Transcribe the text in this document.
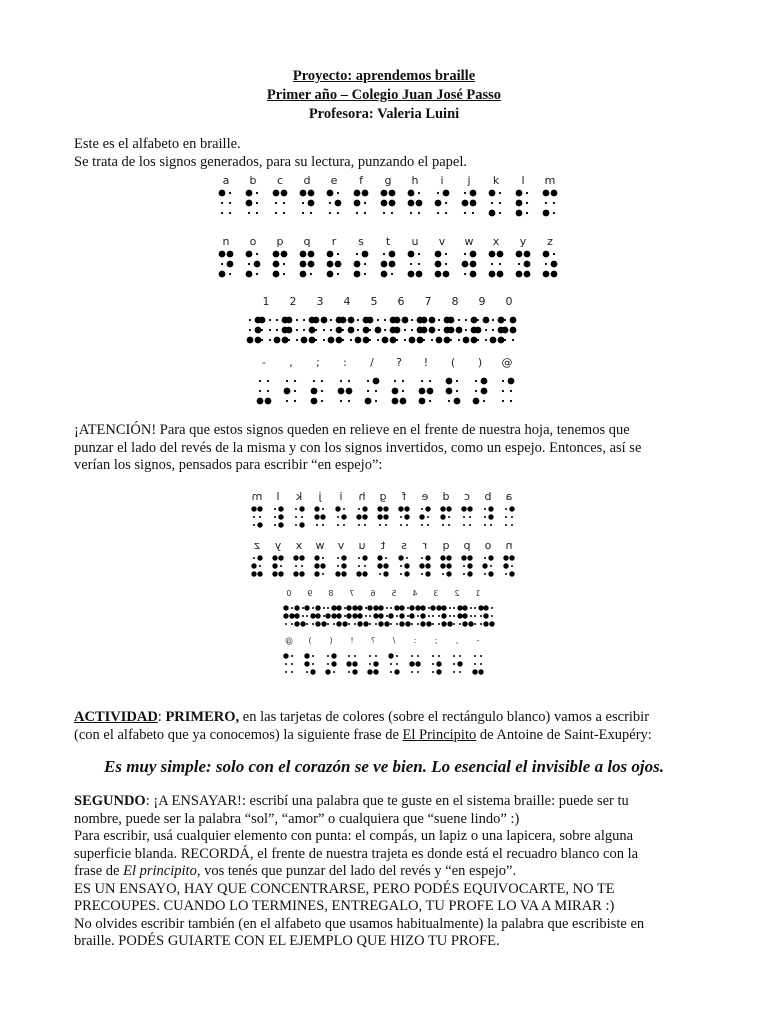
Proyecto: aprendemos braille
Primer año – Colegio Juan José Passo
Profesora: Valeria Luini
Este es el alfabeto en braille.
Se trata de los signos generados, para su lectura, punzando el papel.
a b c d e f g h i j k l m
n o p q r s t u v w x y z
1 2 3 4 5 6 7 8 9 0
- , ; : / ? ! ( ) @
m l k j i h g f e d c b a
z y x w v u t s r q p o n
0 9 8 7 6 5 4 3 2 1
@ ) ( ! ? / : ; , -
¡ATENCIÓN! Para que estos signos queden en relieve en el frente de nuestra hoja, tenemos que
punzar el lado del revés de la misma y con los signos invertidos, como un espejo. Entonces, así se
verían los signos, pensados para escribir “en espejo”:
ACTIVIDAD: PRIMERO, en las tarjetas de colores (sobre el rectángulo blanco) vamos a escribir
(con el alfabeto que ya conocemos) la siguiente frase de El Principito de Antoine de Saint-Exupéry:
Es muy simple: solo con el corazón se ve bien. Lo esencial el invisible a los ojos.
SEGUNDO: ¡A ENSAYAR!: escribí una palabra que te guste en el sistema braille: puede ser tu
nombre, puede ser la palabra “sol”, “amor” o cualquiera que “suene lindo” :)
Para escribir, usá cualquier elemento con punta: el compás, un lapiz o una lapicera, sobre alguna
superficie blanda. RECORDÁ, el frente de nuestra trajeta es donde está el recuadro blanco con la
frase de El principito, vos tenés que punzar del lado del revés y “en espejo”.
ES UN ENSAYO, HAY QUE CONCENTRARSE, PERO PODÉS EQUIVOCARTE, NO TE
PRECOUPES. CUANDO LO TERMINES, ENTREGALO, TU PROFE LO VA A MIRAR :)
No olvides escribir también (en el alfabeto que usamos habitualmente) la palabra que escribiste en
braille. PODÉS GUIARTE CON EL EJEMPLO QUE HIZO TU PROFE.
